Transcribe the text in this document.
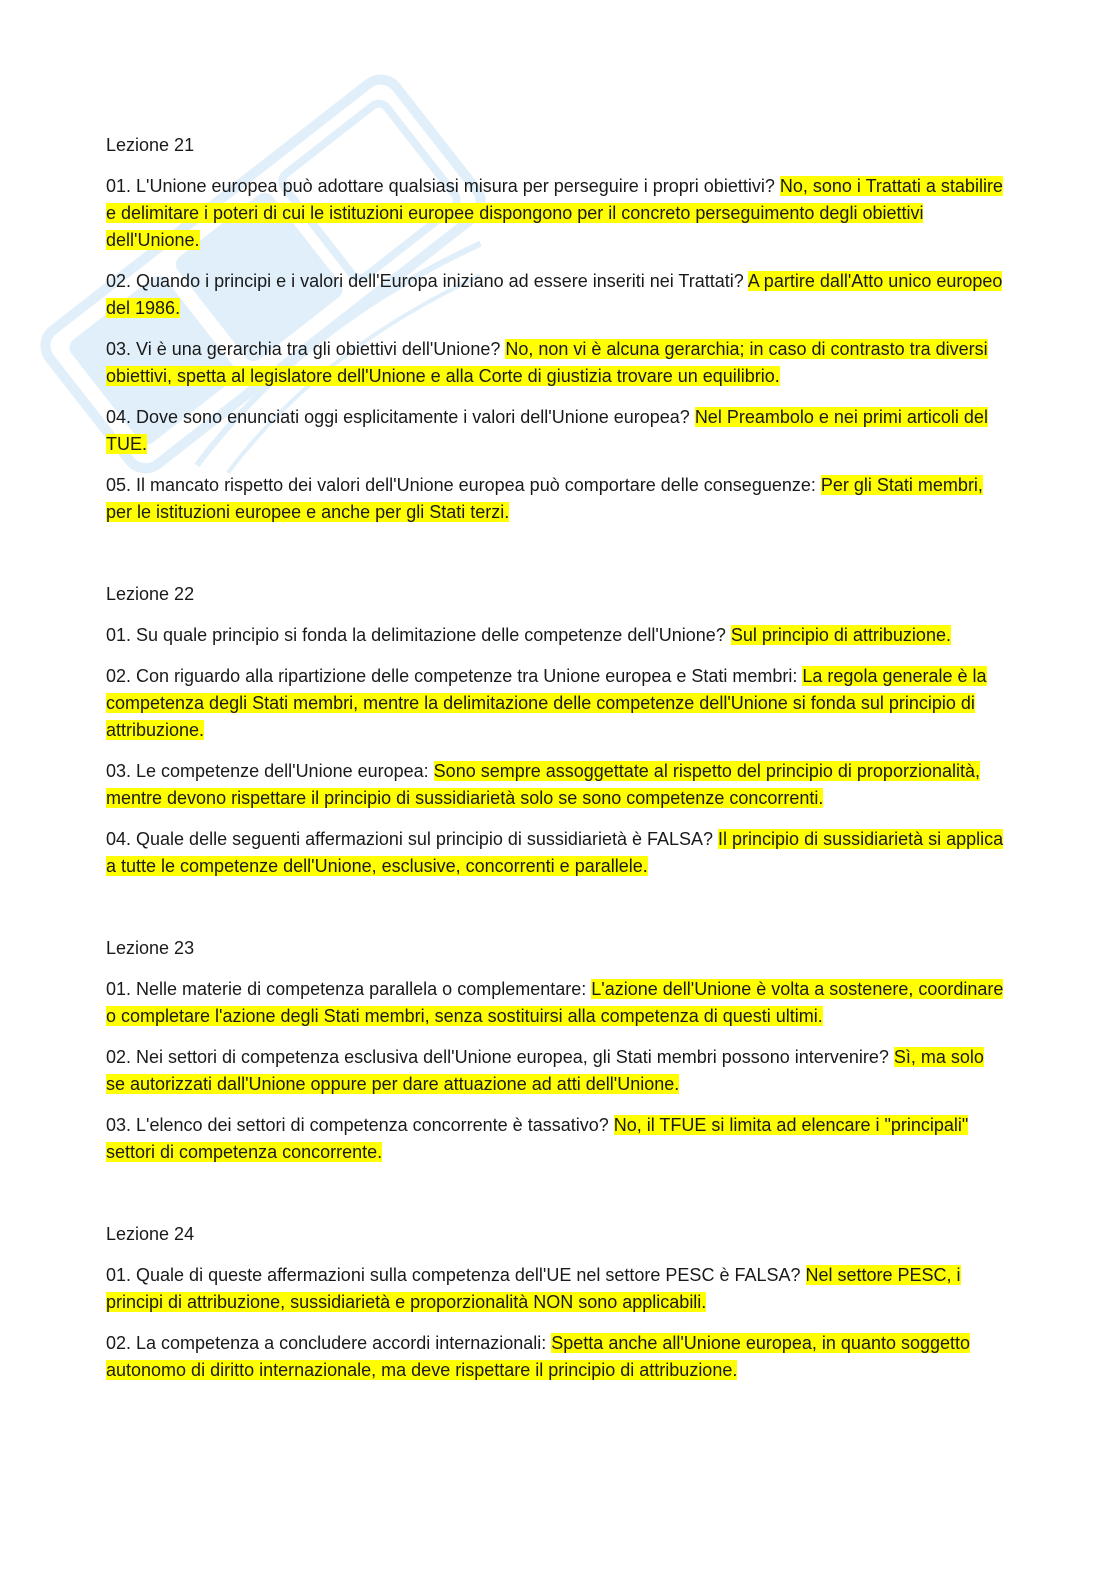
Lezione 21

01. L'Unione europea può adottare qualsiasi misura per perseguire i propri obiettivi? No, sono i Trattati a stabilire e delimitare i poteri di cui le istituzioni europee dispongono per il concreto perseguimento degli obiettivi dell'Unione.

02. Quando i principi e i valori dell'Europa iniziano ad essere inseriti nei Trattati? A partire dall'Atto unico europeo del 1986.

03. Vi è una gerarchia tra gli obiettivi dell'Unione? No, non vi è alcuna gerarchia; in caso di contrasto tra diversi obiettivi, spetta al legislatore dell'Unione e alla Corte di giustizia trovare un equilibrio.

04. Dove sono enunciati oggi esplicitamente i valori dell'Unione europea? Nel Preambolo e nei primi articoli del TUE.

05. Il mancato rispetto dei valori dell'Unione europea può comportare delle conseguenze: Per gli Stati membri, per le istituzioni europee e anche per gli Stati terzi.

Lezione 22

01. Su quale principio si fonda la delimitazione delle competenze dell'Unione? Sul principio di attribuzione.

02. Con riguardo alla ripartizione delle competenze tra Unione europea e Stati membri: La regola generale è la competenza degli Stati membri, mentre la delimitazione delle competenze dell'Unione si fonda sul principio di attribuzione.

03. Le competenze dell'Unione europea: Sono sempre assoggettate al rispetto del principio di proporzionalità, mentre devono rispettare il principio di sussidiarietà solo se sono competenze concorrenti.

04. Quale delle seguenti affermazioni sul principio di sussidiarietà è FALSA? Il principio di sussidiarietà si applica a tutte le competenze dell'Unione, esclusive, concorrenti e parallele.

Lezione 23

01. Nelle materie di competenza parallela o complementare: L'azione dell'Unione è volta a sostenere, coordinare o completare l'azione degli Stati membri, senza sostituirsi alla competenza di questi ultimi.

02. Nei settori di competenza esclusiva dell'Unione europea, gli Stati membri possono intervenire? Sì, ma solo se autorizzati dall'Unione oppure per dare attuazione ad atti dell'Unione.

03. L'elenco dei settori di competenza concorrente è tassativo? No, il TFUE si limita ad elencare i "principali" settori di competenza concorrente.

Lezione 24

01. Quale di queste affermazioni sulla competenza dell'UE nel settore PESC è FALSA? Nel settore PESC, i principi di attribuzione, sussidiarietà e proporzionalità NON sono applicabili.

02. La competenza a concludere accordi internazionali: Spetta anche all'Unione europea, in quanto soggetto autonomo di diritto internazionale, ma deve rispettare il principio di attribuzione.
